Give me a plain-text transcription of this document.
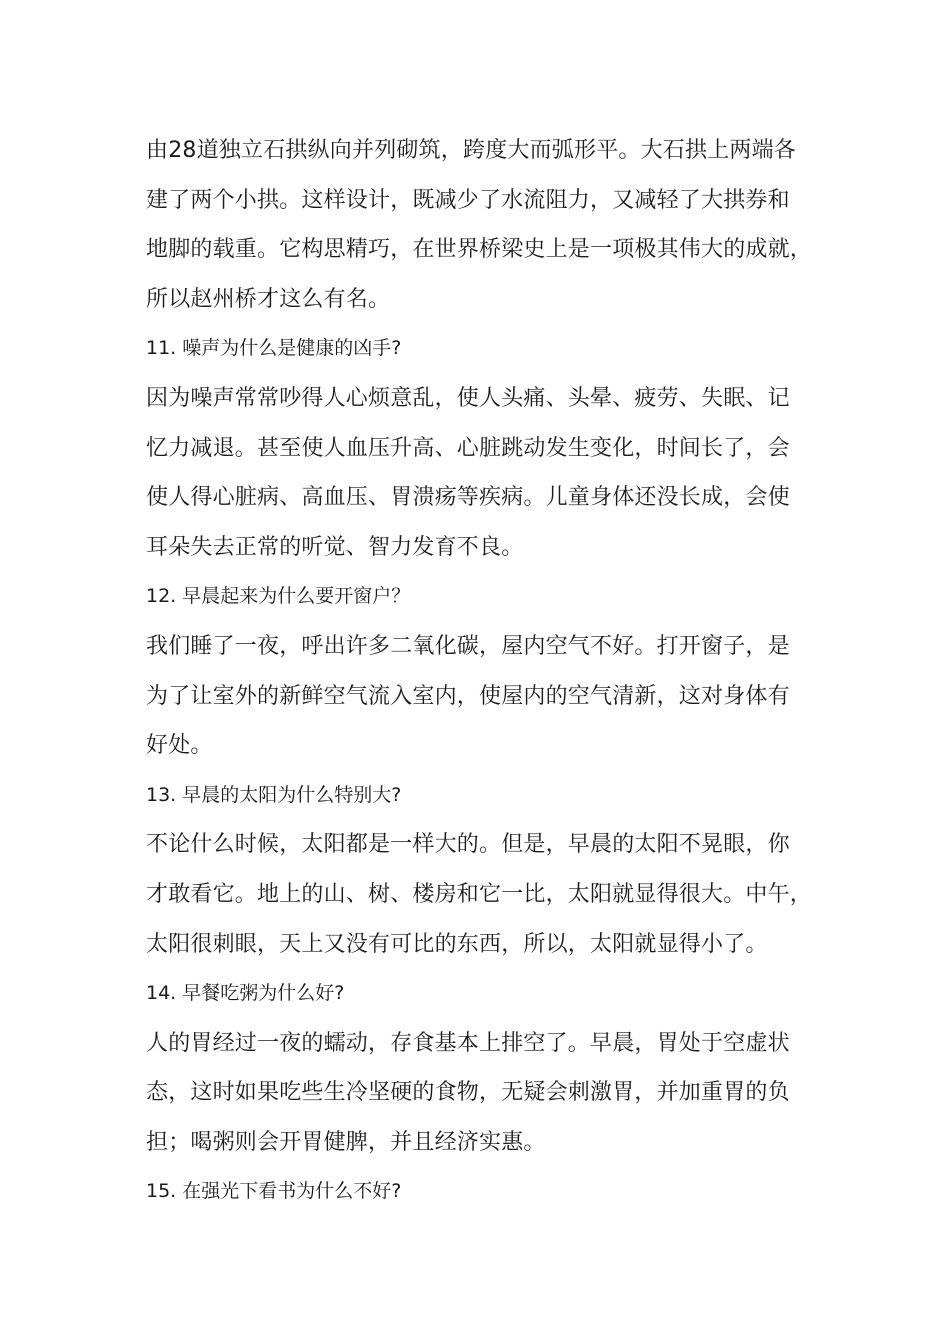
由28道独立石拱纵向并列砌筑，跨度大而弧形平。大石拱上两端各
建了两个小拱。这样设计，既减少了水流阻力，又减轻了大拱券和
地脚的载重。它构思精巧，在世界桥梁史上是一项极其伟大的成就，
所以赵州桥才这么有名。
11. 噪声为什么是健康的凶手?
因为噪声常常吵得人心烦意乱，使人头痛、头晕、疲劳、失眠、记
忆力减退。甚至使人血压升高、心脏跳动发生变化，时间长了，会
使人得心脏病、高血压、胃溃疡等疾病。儿童身体还没长成，会使
耳朵失去正常的听觉、智力发育不良。
12. 早晨起来为什么要开窗户？
我们睡了一夜，呼出许多二氧化碳，屋内空气不好。打开窗子，是
为了让室外的新鲜空气流入室内，使屋内的空气清新，这对身体有
好处。
13. 早晨的太阳为什么特别大?
不论什么时候，太阳都是一样大的。但是，早晨的太阳不晃眼，你
才敢看它。地上的山、树、楼房和它一比，太阳就显得很大。中午，
太阳很刺眼，天上又没有可比的东西，所以，太阳就显得小了。
14. 早餐吃粥为什么好?
人的胃经过一夜的蠕动，存食基本上排空了。早晨，胃处于空虚状
态，这时如果吃些生冷坚硬的食物，无疑会刺激胃，并加重胃的负
担；喝粥则会开胃健脾，并且经济实惠。
15. 在强光下看书为什么不好?
